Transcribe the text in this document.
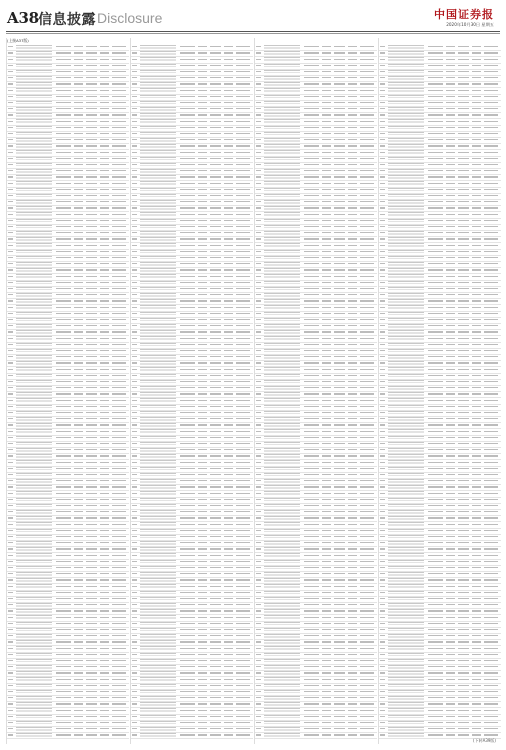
A38 信息披露 Disclosure	中国证券报
2020年10月30日 星期五
(上接A37版)
(下转A39版)
